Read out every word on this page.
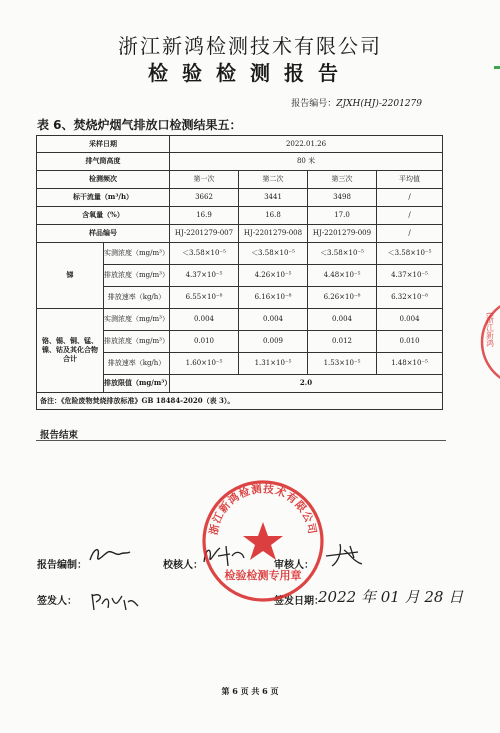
浙江新鸿检测技术有限公司
检验检测报告
报告编号：ZJXH(HJ)-2201279
表 6、焚烧炉烟气排放口检测结果五：
采样日期		2022.01.26			
排气筒高度		80 米			
检测频次		第一次	第二次	第三次	平均值
标干流量（m³/h）		3662	3441	3498	/
含氧量（%）		16.9	16.8	17.0	/
样品编号		HJ-2201279-007	HJ-2201279-008	HJ-2201279-009	/
锑	实测浓度（mg/m³）	＜3.58×10⁻⁵	＜3.58×10⁻⁵	＜3.58×10⁻⁵	＜3.58×10⁻⁵
	排放浓度（mg/m³）	4.37×10⁻⁵	4.26×10⁻⁵	4.48×10⁻⁵	4.37×10⁻⁵
	排放速率（kg/h）	6.55×10⁻⁸	6.16×10⁻⁸	6.26×10⁻⁸	6.32×10⁻⁸

铬、锡、铜、锰、
镍、钴及其化合物
合计	实测浓度（mg/m³）	0.004	0.004	0.004	0.004
	排放浓度（mg/m³）	0.010	0.009	0.012	0.010
	排放速率（kg/h）	1.60×10⁻⁵	1.31×10⁻⁵	1.53×10⁻⁵	1.48×10⁻⁵
	排放限值（mg/m³）	2.0			
备注：《危险废物焚烧排放标准》GB 18484-2020（表 3）。					
报告结束
报告编制：	校核人：	审核人：
签发人：	签发日期：
2022 年 01 月 28 日
浙江新鸿检测技术有限公司
检验检测专用章
(浙江新鸿
第 6 页 共 6 页
